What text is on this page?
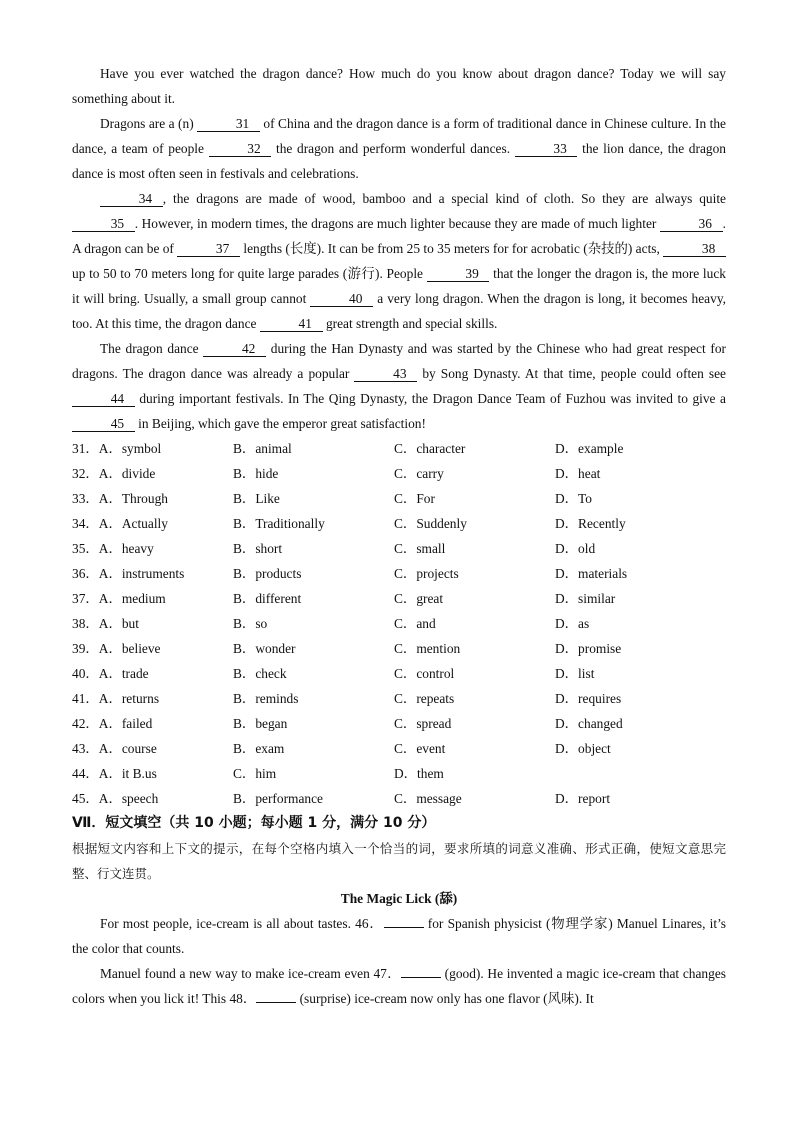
Have you ever watched the dragon dance? How much do you know about dragon dance? Today we will say something about it.

Dragons are a (n)   31   of China and the dragon dance is a form of traditional dance in Chinese culture. In the dance, a team of people   32   the dragon and perform wonderful dances.   33   the lion dance, the dragon dance is most often seen in festivals and celebrations.

34  , the dragons are made of wood, bamboo and a special kind of cloth. So they are always quite   35  . However, in modern times, the dragons are much lighter because they are made of much lighter   36  . A dragon can be of   37   lengths (长度). It can be from 25 to 35 meters for for acrobatic (杂技的) acts,   38   up to 50 to 70 meters long for quite large parades (游行). People   39   that the longer the dragon is, the more luck it will bring. Usually, a small group cannot   40   a very long dragon. When the dragon is long, it becomes heavy, too. At this time, the dragon dance   41   great strength and special skills.

The dragon dance   42   during the Han Dynasty and was started by the Chinese who had great respect for dragons. The dragon dance was already a popular   43   by Song Dynasty. At that time, people could often see   44   during important festivals. In The Qing Dynasty, the Dragon Dance Team of Fuzhou was invited to give a   45   in Beijing, which gave the emperor great satisfaction!

31．A．symbol	B．animal	C．character	D．example
32．A．divide	B．hide	C．carry	D．heat
33．A．Through	B．Like	C．For	D．To
34．A．Actually	B．Traditionally	C．Suddenly	D．Recently
35．A．heavy	B．short	C．small	D．old
36．A．instruments	B．products	C．projects	D．materials
37．A．medium	B．different	C．great	D．similar
38．A．but	B．so	C．and	D．as
39．A．believe	B．wonder	C．mention	D．promise
40．A．trade	B．check	C．control	D．list
41．A．returns	B．reminds	C．repeats	D．requires
42．A．failed	B．began	C．spread	D．changed
43．A．course	B．exam	C．event	D．object
44．A．it B.us	C．him	D．them
45．A．speech	B．performance	C．message	D．report
Ⅶ．短文填空（共 10 小题；每小题 1 分，满分 10 分）

根据短文内容和上下文的提示，在每个空格内填入一个恰当的词，要求所填的词意义准确、形式正确，使短文意思完整、行文连贯。

The Magic Lick (舔)

For most people, ice-cream is all about tastes. 46．	for Spanish physicist (物理学家) Manuel Linares, it’s the color that counts.

Manuel found a new way to make ice-cream even 47．	(good). He invented a magic ice-cream that changes colors when you lick it! This 48．	(surprise) ice-cream now only has one flavor (风味). It
